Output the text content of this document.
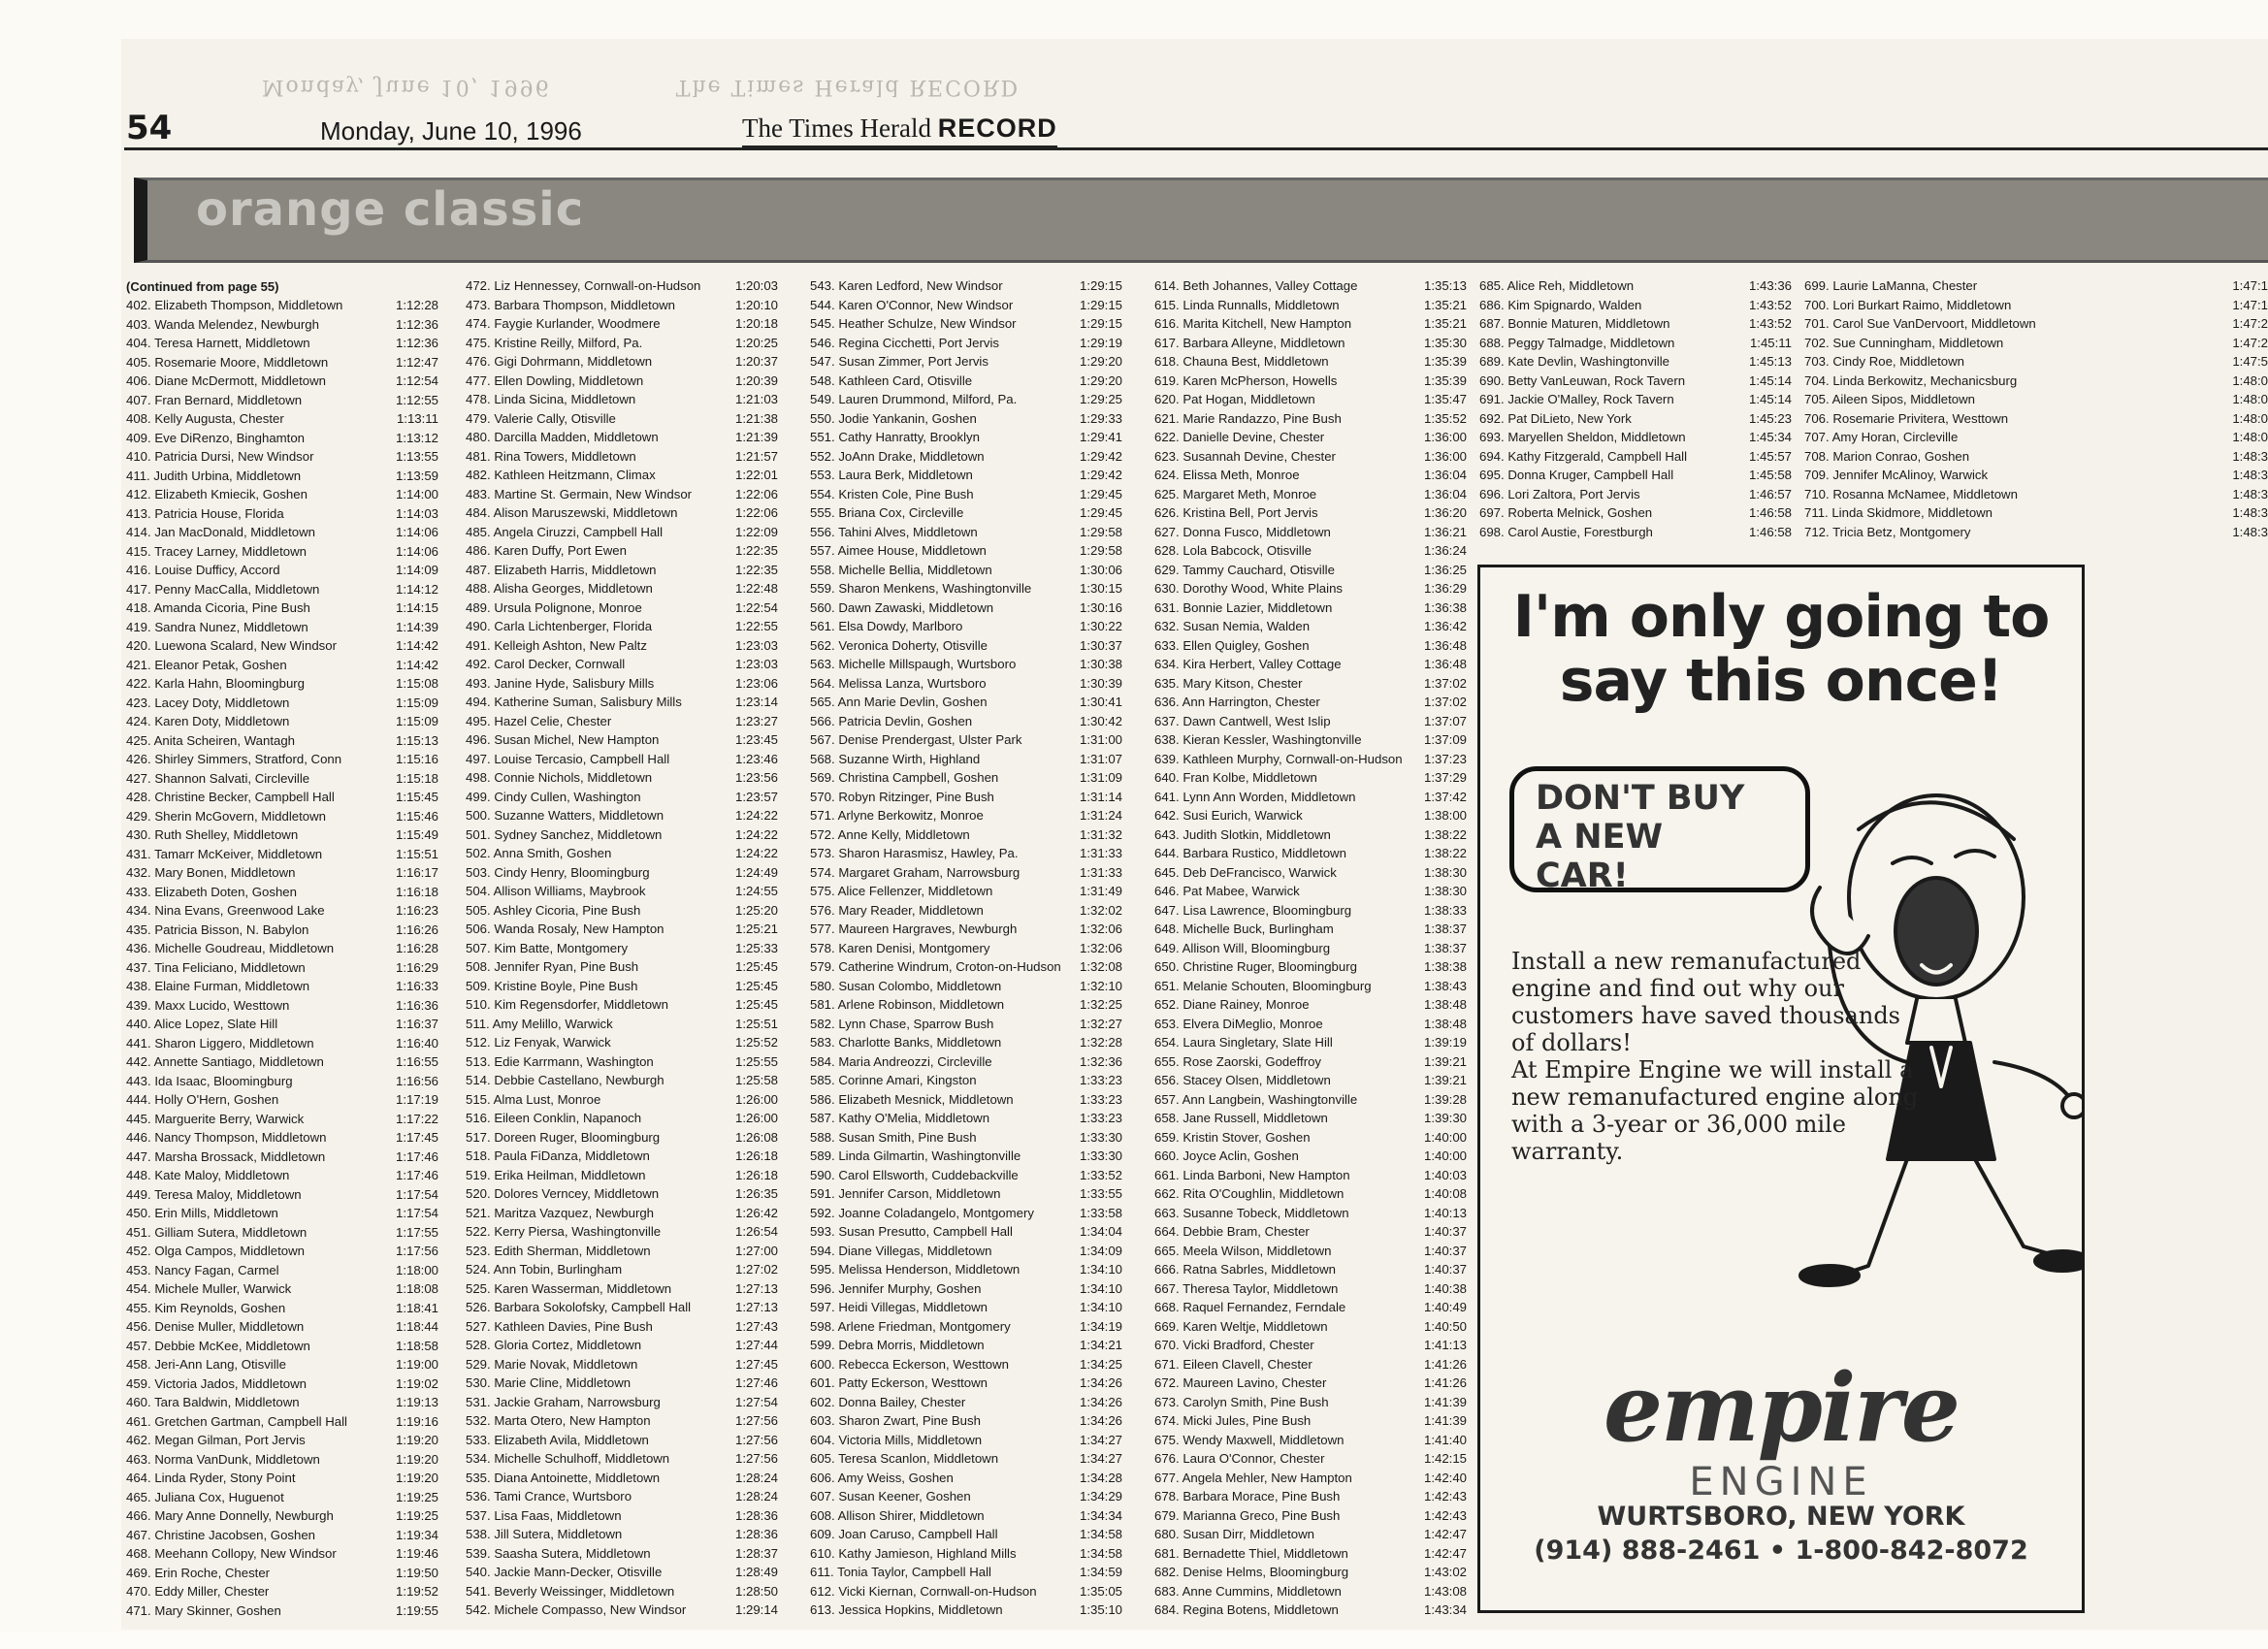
Monday, June 10, 1996	The Times Herald RECORD
54	Monday, June 10, 1996	The Times Herald RECORD
orange classic
(Continued from page 55)
402. Elizabeth Thompson, Middletown	1:12:28
403. Wanda Melendez, Newburgh	1:12:36
404. Teresa Harnett, Middletown	1:12:36
405. Rosemarie Moore, Middletown	1:12:47
406. Diane McDermott, Middletown	1:12:54
407. Fran Bernard, Middletown	1:12:55
408. Kelly Augusta, Chester	1:13:11
409. Eve DiRenzo, Binghamton	1:13:12
410. Patricia Dursi, New Windsor	1:13:55
411. Judith Urbina, Middletown	1:13:59
412. Elizabeth Kmiecik, Goshen	1:14:00
413. Patricia House, Florida	1:14:03
414. Jan MacDonald, Middletown	1:14:06
415. Tracey Larney, Middletown	1:14:06
416. Louise Dufficy, Accord	1:14:09
417. Penny MacCalla, Middletown	1:14:12
418. Amanda Cicoria, Pine Bush	1:14:15
419. Sandra Nunez, Middletown	1:14:39
420. Luewona Scalard, New Windsor	1:14:42
421. Eleanor Petak, Goshen	1:14:42
422. Karla Hahn, Bloomingburg	1:15:08
423. Lacey Doty, Middletown	1:15:09
424. Karen Doty, Middletown	1:15:09
425. Anita Scheiren, Wantagh	1:15:13
426. Shirley Simmers, Stratford, Conn	1:15:16
427. Shannon Salvati, Circleville	1:15:18
428. Christine Becker, Campbell Hall	1:15:45
429. Sherin McGovern, Middletown	1:15:46
430. Ruth Shelley, Middletown	1:15:49
431. Tamarr McKeiver, Middletown	1:15:51
432. Mary Bonen, Middletown	1:16:17
433. Elizabeth Doten, Goshen	1:16:18
434. Nina Evans, Greenwood Lake	1:16:23
435. Patricia Bisson, N. Babylon	1:16:26
436. Michelle Goudreau, Middletown	1:16:28
437. Tina Feliciano, Middletown	1:16:29
438. Elaine Furman, Middletown	1:16:33
439. Maxx Lucido, Westtown	1:16:36
440. Alice Lopez, Slate Hill	1:16:37
441. Sharon Liggero, Middletown	1:16:40
442. Annette Santiago, Middletown	1:16:55
443. Ida Isaac, Bloomingburg	1:16:56
444. Holly O'Hern, Goshen	1:17:19
445. Marguerite Berry, Warwick	1:17:22
446. Nancy Thompson, Middletown	1:17:45
447. Marsha Brossack, Middletown	1:17:46
448. Kate Maloy, Middletown	1:17:46
449. Teresa Maloy, Middletown	1:17:54
450. Erin Mills, Middletown	1:17:54
451. Gilliam Sutera, Middletown	1:17:55
452. Olga Campos, Middletown	1:17:56
453. Nancy Fagan, Carmel	1:18:00
454. Michele Muller, Warwick	1:18:08
455. Kim Reynolds, Goshen	1:18:41
456. Denise Muller, Middletown	1:18:44
457. Debbie McKee, Middletown	1:18:58
458. Jeri-Ann Lang, Otisville	1:19:00
459. Victoria Jados, Middletown	1:19:02
460. Tara Baldwin, Middletown	1:19:13
461. Gretchen Gartman, Campbell Hall	1:19:16
462. Megan Gilman, Port Jervis	1:19:20
463. Norma VanDunk, Middletown	1:19:20
464. Linda Ryder, Stony Point	1:19:20
465. Juliana Cox, Huguenot	1:19:25
466. Mary Anne Donnelly, Newburgh	1:19:25
467. Christine Jacobsen, Goshen	1:19:34
468. Meehann Collopy, New Windsor	1:19:46
469. Erin Roche, Chester	1:19:50
470. Eddy Miller, Chester	1:19:52
471. Mary Skinner, Goshen	1:19:55
472. Liz Hennessey, Cornwall-on-Hudson	1:20:03
473. Barbara Thompson, Middletown	1:20:10
474. Faygie Kurlander, Woodmere	1:20:18
475. Kristine Reilly, Milford, Pa.	1:20:25
476. Gigi Dohrmann, Middletown	1:20:37
477. Ellen Dowling, Middletown	1:20:39
478. Linda Sicina, Middletown	1:21:03
479. Valerie Cally, Otisville	1:21:38
480. Darcilla Madden, Middletown	1:21:39
481. Rina Towers, Middletown	1:21:57
482. Kathleen Heitzmann, Climax	1:22:01
483. Martine St. Germain, New Windsor	1:22:06
484. Alison Maruszewski, Middletown	1:22:06
485. Angela Ciruzzi, Campbell Hall	1:22:09
486. Karen Duffy, Port Ewen	1:22:35
487. Elizabeth Harris, Middletown	1:22:35
488. Alisha Georges, Middletown	1:22:48
489. Ursula Polignone, Monroe	1:22:54
490. Carla Lichtenberger, Florida	1:22:55
491. Kelleigh Ashton, New Paltz	1:23:03
492. Carol Decker, Cornwall	1:23:03
493. Janine Hyde, Salisbury Mills	1:23:06
494. Katherine Suman, Salisbury Mills	1:23:14
495. Hazel Celie, Chester	1:23:27
496. Susan Michel, New Hampton	1:23:45
497. Louise Tercasio, Campbell Hall	1:23:46
498. Connie Nichols, Middletown	1:23:56
499. Cindy Cullen, Washington	1:23:57
500. Suzanne Watters, Middletown	1:24:22
501. Sydney Sanchez, Middletown	1:24:22
502. Anna Smith, Goshen	1:24:22
503. Cindy Henry, Bloomingburg	1:24:49
504. Allison Williams, Maybrook	1:24:55
505. Ashley Cicoria, Pine Bush	1:25:20
506. Wanda Rosaly, New Hampton	1:25:21
507. Kim Batte, Montgomery	1:25:33
508. Jennifer Ryan, Pine Bush	1:25:45
509. Kristine Boyle, Pine Bush	1:25:45
510. Kim Regensdorfer, Middletown	1:25:45
511. Amy Melillo, Warwick	1:25:51
512. Liz Fenyak, Warwick	1:25:52
513. Edie Karrmann, Washington	1:25:55
514. Debbie Castellano, Newburgh	1:25:58
515. Alma Lust, Monroe	1:26:00
516. Eileen Conklin, Napanoch	1:26:00
517. Doreen Ruger, Bloomingburg	1:26:08
518. Paula FiDanza, Middletown	1:26:18
519. Erika Heilman, Middletown	1:26:18
520. Dolores Verncey, Middletown	1:26:35
521. Maritza Vazquez, Newburgh	1:26:42
522. Kerry Piersa, Washingtonville	1:26:54
523. Edith Sherman, Middletown	1:27:00
524. Ann Tobin, Burlingham	1:27:02
525. Karen Wasserman, Middletown	1:27:13
526. Barbara Sokolofsky, Campbell Hall	1:27:13
527. Kathleen Davies, Pine Bush	1:27:43
528. Gloria Cortez, Middletown	1:27:44
529. Marie Novak, Middletown	1:27:45
530. Marie Cline, Middletown	1:27:46
531. Jackie Graham, Narrowsburg	1:27:54
532. Marta Otero, New Hampton	1:27:56
533. Elizabeth Avila, Middletown	1:27:56
534. Michelle Schulhoff, Middletown	1:27:56
535. Diana Antoinette, Middletown	1:28:24
536. Tami Crance, Wurtsboro	1:28:24
537. Lisa Faas, Middletown	1:28:36
538. Jill Sutera, Middletown	1:28:36
539. Saasha Sutera, Middletown	1:28:37
540. Jackie Mann-Decker, Otisville	1:28:49
541. Beverly Weissinger, Middletown	1:28:50
542. Michele Compasso, New Windsor	1:29:14
543. Karen Ledford, New Windsor	1:29:15
544. Karen O'Connor, New Windsor	1:29:15
545. Heather Schulze, New Windsor	1:29:15
546. Regina Cicchetti, Port Jervis	1:29:19
547. Susan Zimmer, Port Jervis	1:29:20
548. Kathleen Card, Otisville	1:29:20
549. Lauren Drummond, Milford, Pa.	1:29:25
550. Jodie Yankanin, Goshen	1:29:33
551. Cathy Hanratty, Brooklyn	1:29:41
552. JoAnn Drake, Middletown	1:29:42
553. Laura Berk, Middletown	1:29:42
554. Kristen Cole, Pine Bush	1:29:45
555. Briana Cox, Circleville	1:29:45
556. Tahini Alves, Middletown	1:29:58
557. Aimee House, Middletown	1:29:58
558. Michelle Bellia, Middletown	1:30:06
559. Sharon Menkens, Washingtonville	1:30:15
560. Dawn Zawaski, Middletown	1:30:16
561. Elsa Dowdy, Marlboro	1:30:22
562. Veronica Doherty, Otisville	1:30:37
563. Michelle Millspaugh, Wurtsboro	1:30:38
564. Melissa Lanza, Wurtsboro	1:30:39
565. Ann Marie Devlin, Goshen	1:30:41
566. Patricia Devlin, Goshen	1:30:42
567. Denise Prendergast, Ulster Park	1:31:00
568. Suzanne Wirth, Highland	1:31:07
569. Christina Campbell, Goshen	1:31:09
570. Robyn Ritzinger, Pine Bush	1:31:14
571. Arlyne Berkowitz, Monroe	1:31:24
572. Anne Kelly, Middletown	1:31:32
573. Sharon Harasmisz, Hawley, Pa.	1:31:33
574. Margaret Graham, Narrowsburg	1:31:33
575. Alice Fellenzer, Middletown	1:31:49
576. Mary Reader, Middletown	1:32:02
577. Maureen Hargraves, Newburgh	1:32:06
578. Karen Denisi, Montgomery	1:32:06
579. Catherine Windrum, Croton-on-Hudson	1:32:08
580. Susan Colombo, Middletown	1:32:10
581. Arlene Robinson, Middletown	1:32:25
582. Lynn Chase, Sparrow Bush	1:32:27
583. Charlotte Banks, Middletown	1:32:28
584. Maria Andreozzi, Circleville	1:32:36
585. Corinne Amari, Kingston	1:33:23
586. Elizabeth Mesnick, Middletown	1:33:23
587. Kathy O'Melia, Middletown	1:33:23
588. Susan Smith, Pine Bush	1:33:30
589. Linda Gilmartin, Washingtonville	1:33:30
590. Carol Ellsworth, Cuddebackville	1:33:52
591. Jennifer Carson, Middletown	1:33:55
592. Joanne Coladangelo, Montgomery	1:33:58
593. Susan Presutto, Campbell Hall	1:34:04
594. Diane Villegas, Middletown	1:34:09
595. Melissa Henderson, Middletown	1:34:10
596. Jennifer Murphy, Goshen	1:34:10
597. Heidi Villegas, Middletown	1:34:10
598. Arlene Friedman, Montgomery	1:34:19
599. Debra Morris, Middletown	1:34:21
600. Rebecca Eckerson, Westtown	1:34:25
601. Patty Eckerson, Westtown	1:34:26
602. Donna Bailey, Chester	1:34:26
603. Sharon Zwart, Pine Bush	1:34:26
604. Victoria Mills, Middletown	1:34:27
605. Teresa Scanlon, Middletown	1:34:27
606. Amy Weiss, Goshen	1:34:28
607. Susan Keener, Goshen	1:34:29
608. Allison Shirer, Middletown	1:34:34
609. Joan Caruso, Campbell Hall	1:34:58
610. Kathy Jamieson, Highland Mills	1:34:58
611. Tonia Taylor, Campbell Hall	1:34:59
612. Vicki Kiernan, Cornwall-on-Hudson	1:35:05
613. Jessica Hopkins, Middletown	1:35:10
614. Beth Johannes, Valley Cottage	1:35:13
615. Linda Runnalls, Middletown	1:35:21
616. Marita Kitchell, New Hampton	1:35:21
617. Barbara Alleyne, Middletown	1:35:30
618. Chauna Best, Middletown	1:35:39
619. Karen McPherson, Howells	1:35:39
620. Pat Hogan, Middletown	1:35:47
621. Marie Randazzo, Pine Bush	1:35:52
622. Danielle Devine, Chester	1:36:00
623. Susannah Devine, Chester	1:36:00
624. Elissa Meth, Monroe	1:36:04
625. Margaret Meth, Monroe	1:36:04
626. Kristina Bell, Port Jervis	1:36:20
627. Donna Fusco, Middletown	1:36:21
628. Lola Babcock, Otisville	1:36:24
629. Tammy Cauchard, Otisville	1:36:25
630. Dorothy Wood, White Plains	1:36:29
631. Bonnie Lazier, Middletown	1:36:38
632. Susan Nemia, Walden	1:36:42
633. Ellen Quigley, Goshen	1:36:48
634. Kira Herbert, Valley Cottage	1:36:48
635. Mary Kitson, Chester	1:37:02
636. Ann Harrington, Chester	1:37:02
637. Dawn Cantwell, West Islip	1:37:07
638. Kieran Kessler, Washingtonville	1:37:09
639. Kathleen Murphy, Cornwall-on-Hudson	1:37:23
640. Fran Kolbe, Middletown	1:37:29
641. Lynn Ann Worden, Middletown	1:37:42
642. Susi Eurich, Warwick	1:38:00
643. Judith Slotkin, Middletown	1:38:22
644. Barbara Rustico, Middletown	1:38:22
645. Deb DeFrancisco, Warwick	1:38:30
646. Pat Mabee, Warwick	1:38:30
647. Lisa Lawrence, Bloomingburg	1:38:33
648. Michelle Buck, Burlingham	1:38:37
649. Allison Will, Bloomingburg	1:38:37
650. Christine Ruger, Bloomingburg	1:38:38
651. Melanie Schouten, Bloomingburg	1:38:43
652. Diane Rainey, Monroe	1:38:48
653. Elvera DiMeglio, Monroe	1:38:48
654. Laura Singletary, Slate Hill	1:39:19
655. Rose Zaorski, Godeffroy	1:39:21
656. Stacey Olsen, Middletown	1:39:21
657. Ann Langbein, Washingtonville	1:39:28
658. Jane Russell, Middletown	1:39:30
659. Kristin Stover, Goshen	1:40:00
660. Joyce Aclin, Goshen	1:40:00
661. Linda Barboni, New Hampton	1:40:03
662. Rita O'Coughlin, Middletown	1:40:08
663. Susanne Tobeck, Middletown	1:40:13
664. Debbie Bram, Chester	1:40:37
665. Meela Wilson, Middletown	1:40:37
666. Ratna Sabrles, Middletown	1:40:37
667. Theresa Taylor, Middletown	1:40:38
668. Raquel Fernandez, Ferndale	1:40:49
669. Karen Weltje, Middletown	1:40:50
670. Vicki Bradford, Chester	1:41:13
671. Eileen Clavell, Chester	1:41:26
672. Maureen Lavino, Chester	1:41:26
673. Carolyn Smith, Pine Bush	1:41:39
674. Micki Jules, Pine Bush	1:41:39
675. Wendy Maxwell, Middletown	1:41:40
676. Laura O'Connor, Chester	1:42:15
677. Angela Mehler, New Hampton	1:42:40
678. Barbara Morace, Pine Bush	1:42:43
679. Marianna Greco, Pine Bush	1:42:43
680. Susan Dirr, Middletown	1:42:47
681. Bernadette Thiel, Middletown	1:42:47
682. Denise Helms, Bloomingburg	1:43:02
683. Anne Cummins, Middletown	1:43:08
684. Regina Botens, Middletown	1:43:34
685. Alice Reh, Middletown	1:43:36
686. Kim Spignardo, Walden	1:43:52
687. Bonnie Maturen, Middletown	1:43:52
688. Peggy Talmadge, Middletown	1:45:11
689. Kate Devlin, Washingtonville	1:45:13
690. Betty VanLeuwan, Rock Tavern	1:45:14
691. Jackie O'Malley, Rock Tavern	1:45:14
692. Pat DiLieto, New York	1:45:23
693. Maryellen Sheldon, Middletown	1:45:34
694. Kathy Fitzgerald, Campbell Hall	1:45:57
695. Donna Kruger, Campbell Hall	1:45:58
696. Lori Zaltora, Port Jervis	1:46:57
697. Roberta Melnick, Goshen	1:46:58
698. Carol Austie, Forestburgh	1:46:58
699. Laurie LaManna, Chester	1:47:1
700. Lori Burkart Raimo, Middletown	1:47:1
701. Carol Sue VanDervoort, Middletown	1:47:2
702. Sue Cunningham, Middletown	1:47:2
703. Cindy Roe, Middletown	1:47:5
704. Linda Berkowitz, Mechanicsburg	1:48:0
705. Aileen Sipos, Middletown	1:48:0
706. Rosemarie Privitera, Westtown	1:48:0
707. Amy Horan, Circleville	1:48:0
708. Marion Conrao, Goshen	1:48:3
709. Jennifer McAlinoy, Warwick	1:48:3
710. Rosanna McNamee, Middletown	1:48:3
711. Linda Skidmore, Middletown	1:48:3
712. Tricia Betz, Montgomery	1:48:3
I'm only going to
say this once!
DON'T BUY
A NEW
CAR!
Install a new remanufactured engine and find out why our customers have saved thousands of dollars!
At Empire Engine we will install a new remanufactured engine along with a 3-year or 36,000 mile warranty.
empire
ENGINE
WURTSBORO, NEW YORK
(914) 888-2461 • 1-800-842-8072
